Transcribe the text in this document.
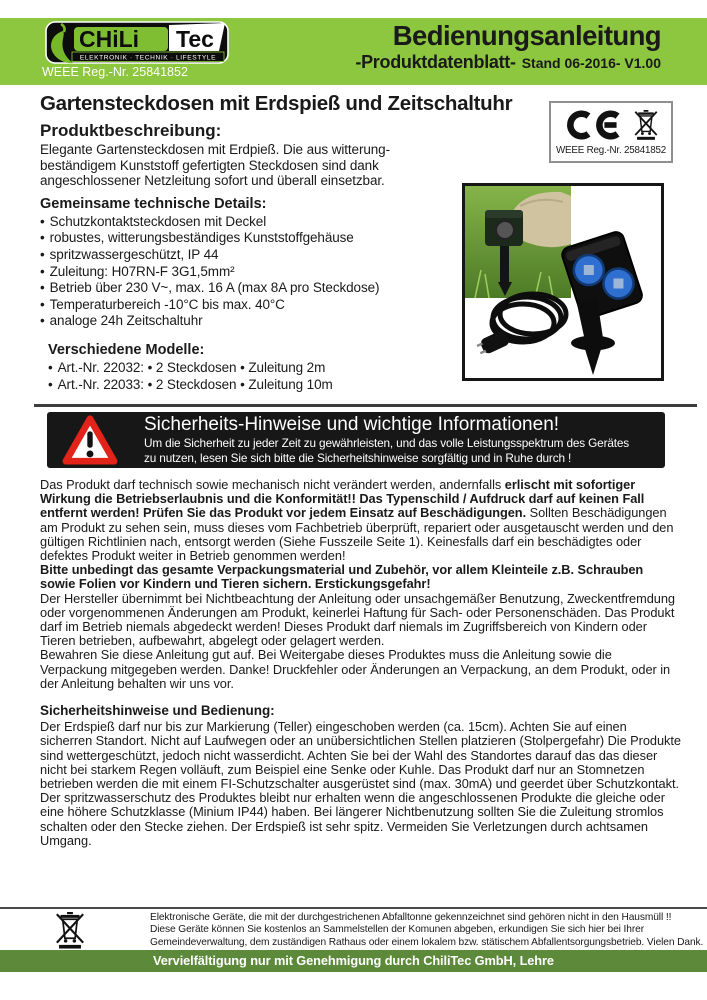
CHiLi Tec
ELEKTRONIK · TECHNIK · LIFESTYLE
WEEE Reg.-Nr. 25841852
Bedienungsanleitung
-Produktdatenblatt- Stand 06-2016- V1.00
Gartensteckdosen mit Erdspieß und Zeitschaltuhr
Produktbeschreibung:
Elegante Gartensteckdosen mit Erdpieß. Die aus witterung-beständigem Kunststoff gefertigten Steckdosen sind dank angeschlossener Netzleitung sofort und überall einsetzbar.
Gemeinsame technische Details:
• Schutzkontaktsteckdosen mit Deckel
• robustes, witterungsbeständiges Kunststoffgehäuse
• spritzwassergeschützt, IP 44
• Zuleitung: H07RN-F 3G1,5mm²
• Betrieb über 230 V~, max. 16 A (max 8A pro Steckdose)
• Temperaturbereich -10°C bis max. 40°C
• analoge 24h Zeitschaltuhr
Verschiedene Modelle:
• Art.-Nr. 22032: • 2 Steckdosen • Zuleitung 2m
• Art.-Nr. 22033: • 2 Steckdosen • Zuleitung 10m
WEEE Reg.-Nr. 25841852
Sicherheits-Hinweise und wichtige Informationen!
Um die Sicherheit zu jeder Zeit zu gewährleisten, und das volle Leistungsspektrum des Gerätes
zu nutzen, lesen Sie sich bitte die Sicherheitshinweise sorgfältig und in Ruhe durch !
Das Produkt darf technisch sowie mechanisch nicht verändert werden, andernfalls erlischt mit sofortiger Wirkung die Betriebserlaubnis und die Konformität!! Das Typenschild / Aufdruck darf auf keinen Fall entfernt werden! Prüfen Sie das Produkt vor jedem Einsatz auf Beschädigungen. Sollten Beschädigungen am Produkt zu sehen sein, muss dieses vom Fachbetrieb überprüft, repariert oder ausgetauscht werden und den gültigen Richtlinien nach, entsorgt werden (Siehe Fusszeile Seite 1). Keinesfalls darf ein beschädigtes oder defektes Produkt weiter in Betrieb genommen werden!
Bitte unbedingt das gesamte Verpackungsmaterial und Zubehör, vor allem Kleinteile z.B. Schrauben sowie Folien vor Kindern und Tieren sichern. Erstickungsgefahr!
Der Hersteller übernimmt bei Nichtbeachtung der Anleitung oder unsachgemäßer Benutzung, Zweckentfremdung oder vorgenommenen Änderungen am Produkt, keinerlei Haftung für Sach- oder Personenschäden. Das Produkt darf im Betrieb niemals abgedeckt werden! Dieses Produkt darf niemals im Zugriffsbereich von Kindern oder Tieren betrieben, aufbewahrt, abgelegt oder gelagert werden.
Bewahren Sie diese Anleitung gut auf. Bei Weitergabe dieses Produktes muss die Anleitung sowie die Verpackung mitgegeben werden. Danke! Druckfehler oder Änderungen an Verpackung, an dem Produkt, oder in der Anleitung behalten wir uns vor.
Sicherheitshinweise und Bedienung:
Der Erdspieß darf nur bis zur Markierung (Teller) eingeschoben werden (ca. 15cm). Achten Sie auf einen sicherren Standort. Nicht auf Laufwegen oder an unübersichtlichen Stellen platzieren (Stolpergefahr) Die Produkte sind wettergeschützt, jedoch nicht wasserdicht. Achten Sie bei der Wahl des Standortes darauf das das dieser nicht bei starkem Regen volläuft, zum Beispiel eine Senke oder Kuhle. Das Produkt darf nur an Stomnetzen betrieben werden die mit einem FI-Schutzschalter ausgerüstet sind (max. 30mA) und geerdet über Schutzkontakt. Der spritzwasserschutz des Produktes bleibt nur erhalten wenn die angeschlossenen Produkte die gleiche oder eine höhere Schutzklasse (Minium IP44) haben. Bei längerer Nichtbenutzung sollten Sie die Zuleitung stromlos schalten oder den Stecke ziehen. Der Erdspieß ist sehr spitz. Vermeiden Sie Verletzungen durch achtsamen Umgang.
Elektronische Geräte, die mit der durchgestrichenen Abfalltonne gekennzeichnet sind gehören nicht in den Hausmüll !!
Diese Geräte können Sie kostenlos an Sammelstellen der Komunen abgeben, erkundigen Sie sich hier bei Ihrer
Gemeindeverwaltung, dem zuständigen Rathaus oder einem lokalem bzw. stätischem Abfallentsorgungsbetrieb. Vielen Dank.
Vervielfältigung nur mit Genehmigung durch ChiliTec GmbH, Lehre
